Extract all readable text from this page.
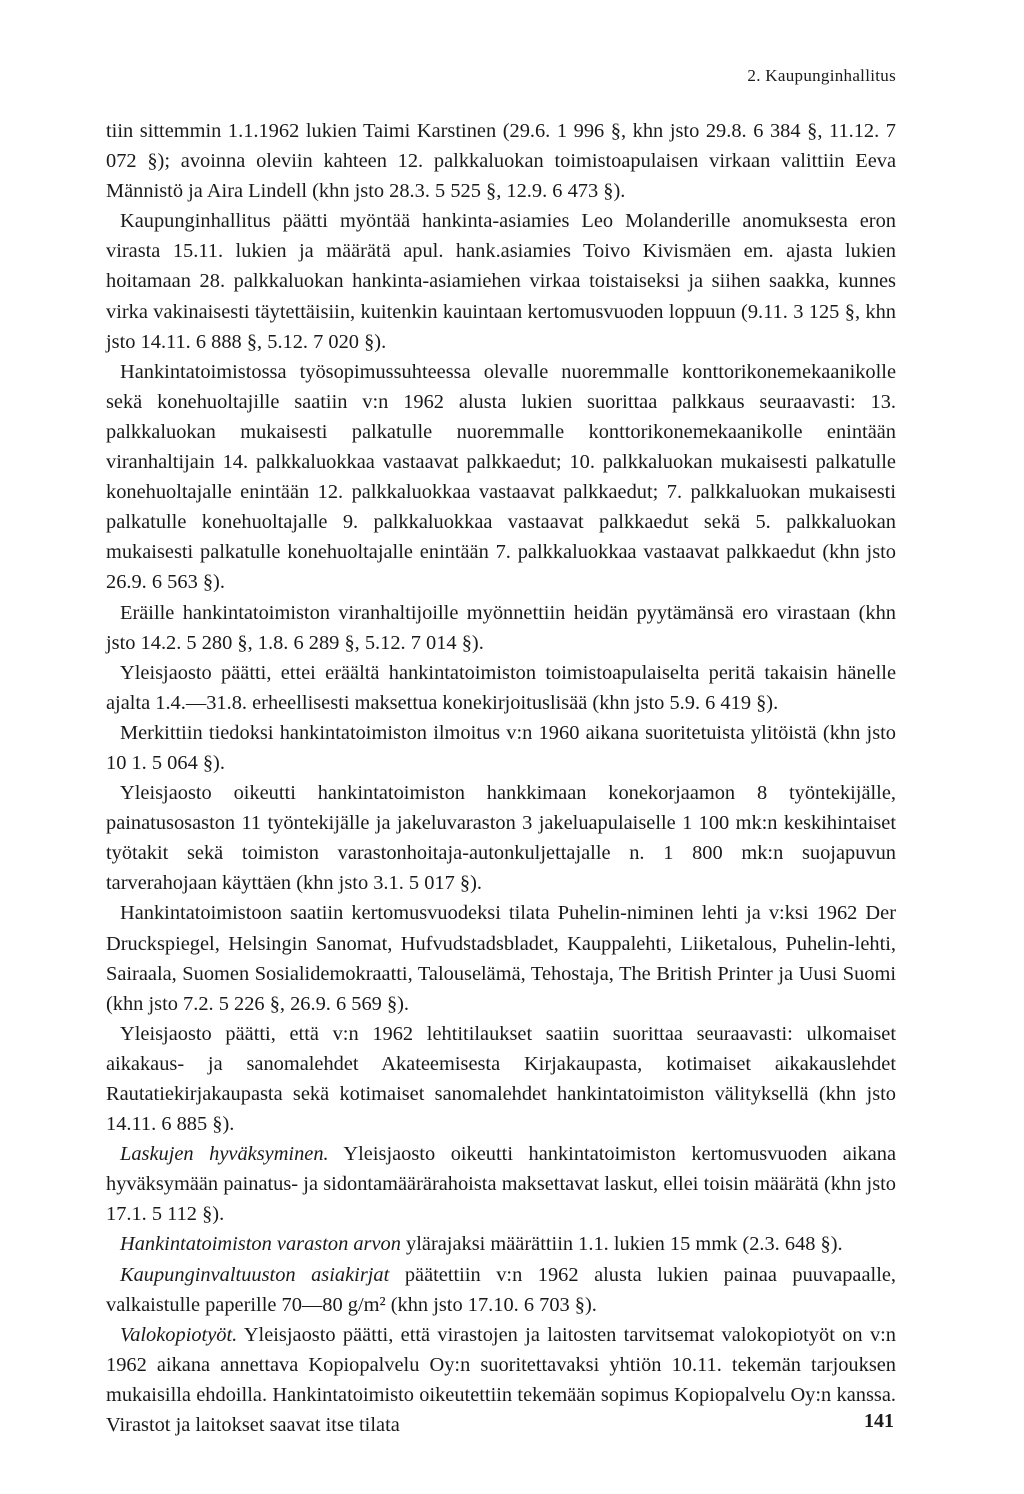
2. Kaupunginhallitus

tiin sittemmin 1.1.1962 lukien Taimi Karstinen (29.6. 1 996 §, khn jsto 29.8. 6 384 §, 11.12. 7 072 §); avoinna oleviin kahteen 12. palkkaluokan toimistoapulaisen virkaan valittiin Eeva Männistö ja Aira Lindell (khn jsto 28.3. 5 525 §, 12.9. 6 473 §).

Kaupunginhallitus päätti myöntää hankinta-asiamies Leo Molanderille anomuksesta eron virasta 15.11. lukien ja määrätä apul. hank.asiamies Toivo Kivismäen em. ajasta lukien hoitamaan 28. palkkaluokan hankinta-asiamiehen virkaa toistaiseksi ja siihen saakka, kunnes virka vakinaisesti täytettäisiin, kuitenkin kauintaan kertomusvuoden loppuun (9.11. 3 125 §, khn jsto 14.11. 6 888 §, 5.12. 7 020 §).

Hankintatoimistossa työsopimussuhteessa olevalle nuoremmalle konttorikonemekaanikolle sekä konehuoltajille saatiin v:n 1962 alusta lukien suorittaa palkkaus seuraavasti: 13. palkkaluokan mukaisesti palkatulle nuoremmalle konttorikonemekaanikolle enintään viranhaltijain 14. palkkaluokkaa vastaavat palkkaedut; 10. palkkaluokan mukaisesti palkatulle konehuoltajalle enintään 12. palkkaluokkaa vastaavat palkkaedut; 7. palkkaluokan mukaisesti palkatulle konehuoltajalle 9. palkkaluokkaa vastaavat palkkaedut sekä 5. palkkaluokan mukaisesti palkatulle konehuoltajalle enintään 7. palkkaluokkaa vastaavat palkkaedut (khn jsto 26.9. 6 563 §).

Eräille hankintatoimiston viranhaltijoille myönnettiin heidän pyytämänsä ero virastaan (khn jsto 14.2. 5 280 §, 1.8. 6 289 §, 5.12. 7 014 §).

Yleisjaosto päätti, ettei eräältä hankintatoimiston toimistoapulaiselta peritä takaisin hänelle ajalta 1.4.—31.8. erheellisesti maksettua konekirjoituslisää (khn jsto 5.9. 6 419 §).

Merkittiin tiedoksi hankintatoimiston ilmoitus v:n 1960 aikana suoritetuista ylitöistä (khn jsto 10 1. 5 064 §).

Yleisjaosto oikeutti hankintatoimiston hankkimaan konekorjaamon 8 työntekijälle, painatusosaston 11 työntekijälle ja jakeluvaraston 3 jakeluapulaiselle 1 100 mk:n keskihintaiset työtakit sekä toimiston varastonhoitaja-autonkuljettajalle n. 1 800 mk:n suojapuvun tarverahojaan käyttäen (khn jsto 3.1. 5 017 §).

Hankintatoimistoon saatiin kertomusvuodeksi tilata Puhelin-niminen lehti ja v:ksi 1962 Der Druckspiegel, Helsingin Sanomat, Hufvudstadsbladet, Kauppalehti, Liiketalous, Puhelin-lehti, Sairaala, Suomen Sosialidemokraatti, Talouselämä, Tehostaja, The British Printer ja Uusi Suomi (khn jsto 7.2. 5 226 §, 26.9. 6 569 §).

Yleisjaosto päätti, että v:n 1962 lehtitilaukset saatiin suorittaa seuraavasti: ulkomaiset aikakaus- ja sanomalehdet Akateemisesta Kirjakaupasta, kotimaiset aikakauslehdet Rautatiekirjakaupasta sekä kotimaiset sanomalehdet hankintatoimiston välityksellä (khn jsto 14.11. 6 885 §).

Laskujen hyväksyminen. Yleisjaosto oikeutti hankintatoimiston kertomusvuoden aikana hyväksymään painatus- ja sidontamäärärahoista maksettavat laskut, ellei toisin määrätä (khn jsto 17.1. 5 112 §).

Hankintatoimiston varaston arvon ylärajaksi määrättiin 1.1. lukien 15 mmk (2.3. 648 §).

Kaupunginvaltuuston asiakirjat päätettiin v:n 1962 alusta lukien painaa puuvapaalle, valkaistulle paperille 70—80 g/m² (khn jsto 17.10. 6 703 §).

Valokopiotyöt. Yleisjaosto päätti, että virastojen ja laitosten tarvitsemat valokopiotyöt on v:n 1962 aikana annettava Kopiopalvelu Oy:n suoritettavaksi yhtiön 10.11. tekemän tarjouksen mukaisilla ehdoilla. Hankintatoimisto oikeutettiin tekemään sopimus Kopiopalvelu Oy:n kanssa. Virastot ja laitokset saavat itse tilata	141
